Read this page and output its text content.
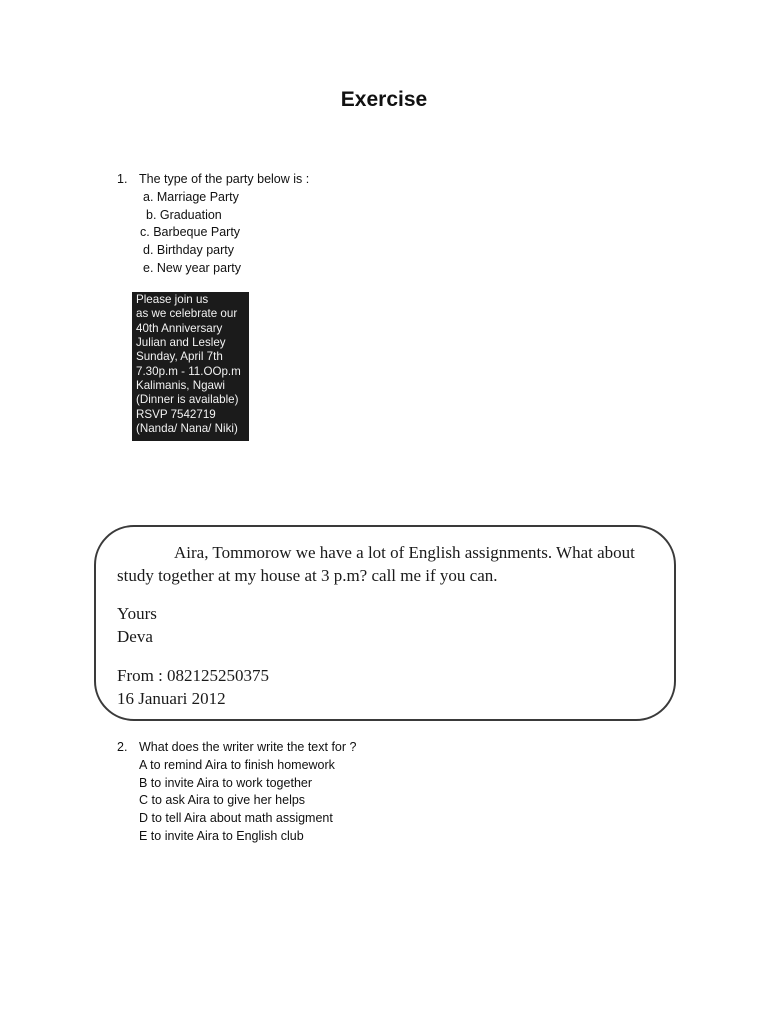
Exercise
1. The type of the party below is :
a. Marriage Party
b. Graduation
c. Barbeque Party
d. Birthday party
e. New year party
Please join us
as we celebrate our
40th Anniversary
Julian and Lesley
Sunday, April 7th
7.30p.m - 11.OOp.m
Kalimanis, Ngawi
(Dinner is available)
RSVP 7542719
(Nanda/ Nana/ Niki)
Aira, Tommorow we have a lot of English assignments. What about study together at my house at 3 p.m? call me if you can.
Yours
Deva
From : 082125250375
16 Januari 2012
2. What does the writer write the text for ?
A to remind Aira to finish homework
B to invite Aira to work together
C to ask Aira to give her helps
D to tell Aira about math assigment
E to invite Aira to English club
